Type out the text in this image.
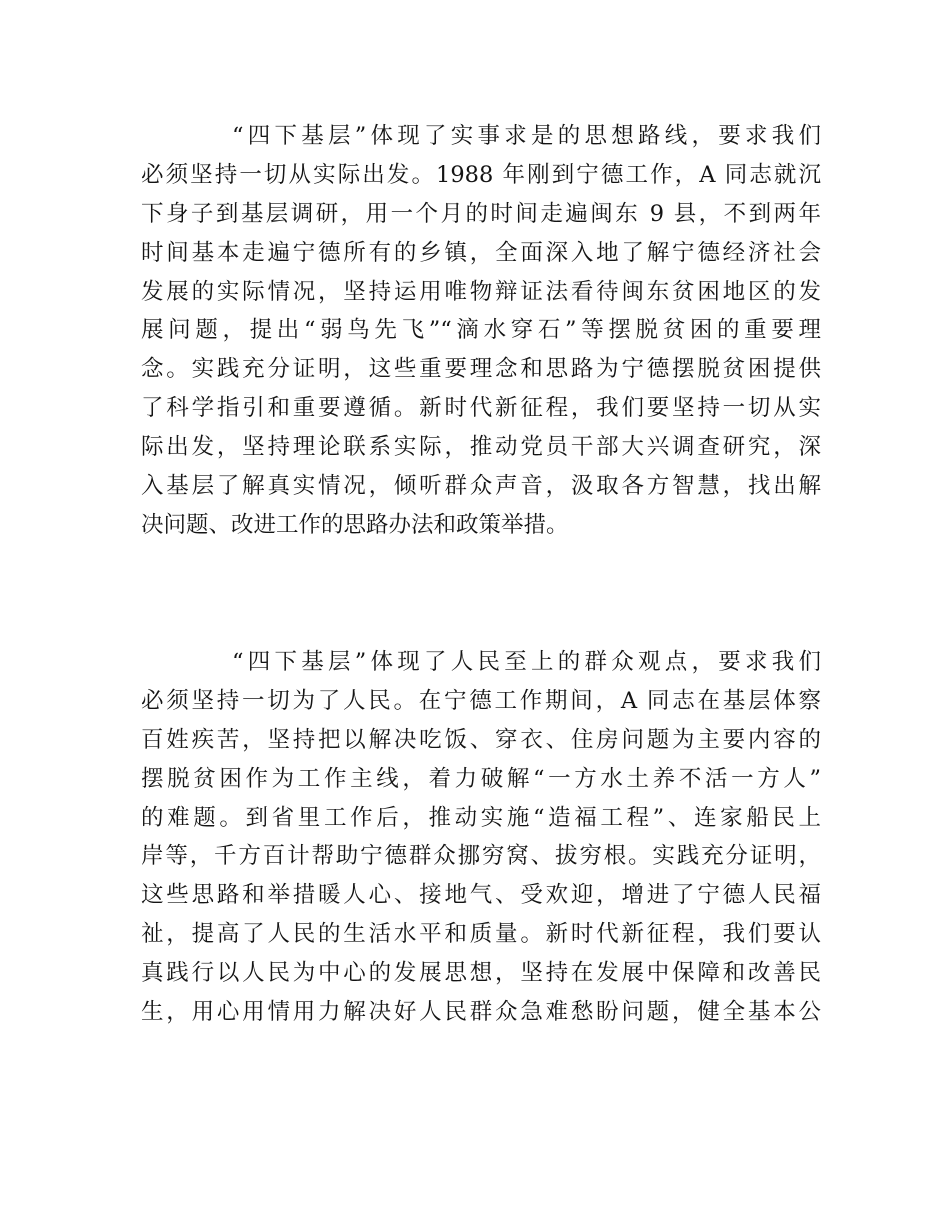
“四下基层”体现了实事求是的思想路线，要求我们
必须坚持一切从实际出发。1988 年刚到宁德工作，A 同志就沉
下身子到基层调研，用一个月的时间走遍闽东 9 县，不到两年
时间基本走遍宁德所有的乡镇，全面深入地了解宁德经济社会
发展的实际情况，坚持运用唯物辩证法看待闽东贫困地区的发
展问题，提出“弱鸟先飞”“滴水穿石”等摆脱贫困的重要理
念。实践充分证明，这些重要理念和思路为宁德摆脱贫困提供
了科学指引和重要遵循。新时代新征程，我们要坚持一切从实
际出发，坚持理论联系实际，推动党员干部大兴调查研究，深
入基层了解真实情况，倾听群众声音，汲取各方智慧，找出解
决问题、改进工作的思路办法和政策举措。
“四下基层”体现了人民至上的群众观点，要求我们
必须坚持一切为了人民。在宁德工作期间，A 同志在基层体察
百姓疾苦，坚持把以解决吃饭、穿衣、住房问题为主要内容的
摆脱贫困作为工作主线，着力破解“一方水土养不活一方人”
的难题。到省里工作后，推动实施“造福工程”、连家船民上
岸等，千方百计帮助宁德群众挪穷窝、拔穷根。实践充分证明，
这些思路和举措暖人心、接地气、受欢迎，增进了宁德人民福
祉，提高了人民的生活水平和质量。新时代新征程，我们要认
真践行以人民为中心的发展思想，坚持在发展中保障和改善民
生，用心用情用力解决好人民群众急难愁盼问题，健全基本公
